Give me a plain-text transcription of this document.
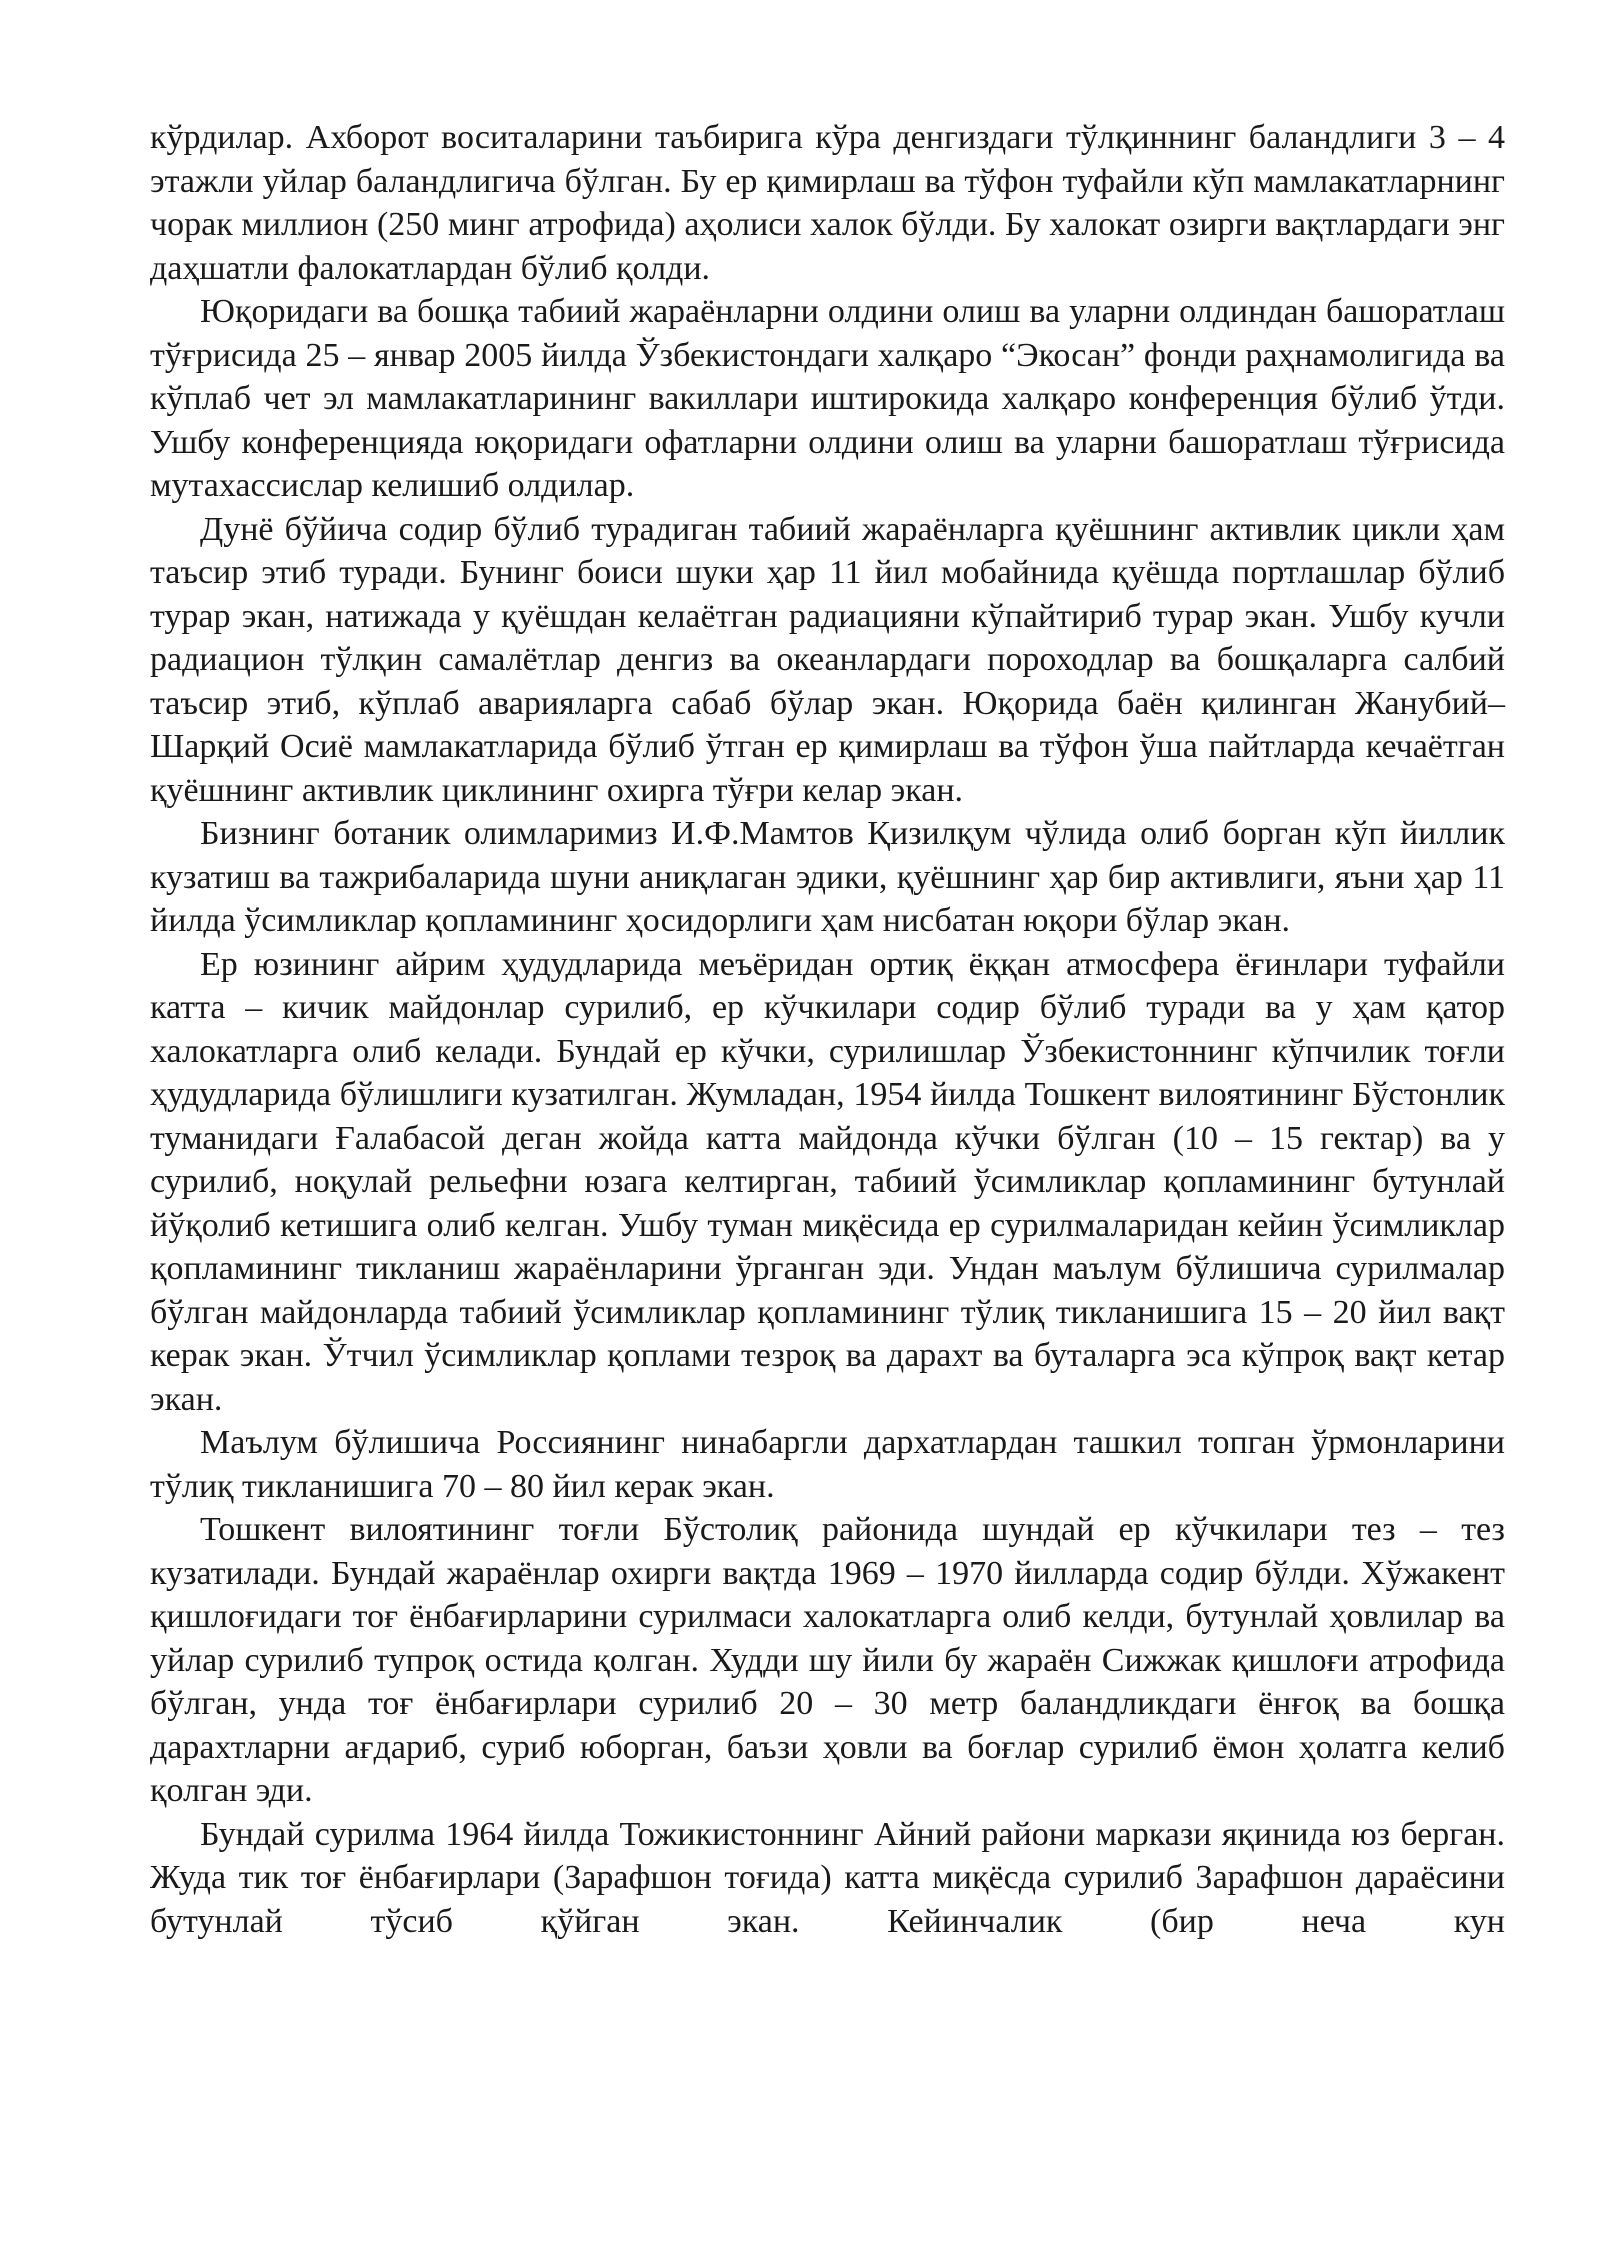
кўрдилар. Ахборот воситаларини таъбирига кўра денгиздаги тўлқиннинг баландлиги 3 – 4 этажли уйлар баландлигича бўлган. Бу ер қимирлаш ва тўфон туфайли кўп мамлакатларнинг чорак миллион (250 минг атрофида) аҳолиси халок бўлди. Бу халокат озирги вақтлардаги энг даҳшатли фалокатлардан бўлиб қолди.

Юқоридаги ва бошқа табиий жараёнларни олдини олиш ва уларни олдиндан башоратлаш тўғрисида 25 – январ 2005 йилда Ўзбекистондаги халқаро “Экосан” фонди раҳнамолигида ва кўплаб чет эл мамлакатларининг вакиллари иштирокида халқаро конференция бўлиб ўтди. Ушбу конференцияда юқоридаги офатларни олдини олиш ва уларни башоратлаш тўғрисида мутахассислар келишиб олдилар.

Дунё бўйича содир бўлиб турадиган табиий жараёнларга қуёшнинг активлик цикли ҳам таъсир этиб туради. Бунинг боиси шуки ҳар 11 йил мобайнида қуёшда портлашлар бўлиб турар экан, натижада у қуёшдан келаётган радиацияни кўпайтириб турар экан. Ушбу кучли радиацион тўлқин самалётлар денгиз ва океанлардаги пороходлар ва бошқаларга салбий таъсир этиб, кўплаб аварияларга сабаб бўлар экан. Юқорида баён қилинган Жанубий–Шарқий Осиё мамлакатларида бўлиб ўтган ер қимирлаш ва тўфон ўша пайтларда кечаётган қуёшнинг активлик циклининг охирга тўғри келар экан.

Бизнинг ботаник олимларимиз И.Ф.Мамтов Қизилқум чўлида олиб борган кўп йиллик кузатиш ва тажрибаларида шуни аниқлаган эдики, қуёшнинг ҳар бир активлиги, яъни ҳар 11 йилда ўсимликлар қопламининг ҳосидорлиги ҳам нисбатан юқори бўлар экан.

Ер юзининг айрим ҳудудларида меъёридан ортиқ ёққан атмосфера ёғинлари туфайли катта – кичик майдонлар сурилиб, ер кўчкилари содир бўлиб туради ва у ҳам қатор халокатларга олиб келади. Бундай ер кўчки, сурилишлар Ўзбекистоннинг кўпчилик тоғли ҳудудларида бўлишлиги кузатилган. Жумладан, 1954 йилда Тошкент вилоятининг Бўстонлик туманидаги Ғалабасой деган жойда катта майдонда кўчки бўлган (10 – 15 гектар) ва у сурилиб, ноқулай рельефни юзага келтирган, табиий ўсимликлар қопламининг бутунлай йўқолиб кетишига олиб келган. Ушбу туман миқёсида ер сурилмаларидан кейин ўсимликлар қопламининг тикланиш жараёнларини ўрганган эди. Ундан маълум бўлишича сурилмалар бўлган майдонларда табиий ўсимликлар қопламининг тўлиқ тикланишига 15 – 20 йил вақт керак экан. Ўтчил ўсимликлар қоплами тезроқ ва дарахт ва буталарга эса кўпроқ вақт кетар экан.

Маълум бўлишича Россиянинг нинабаргли дархатлардан ташкил топган ўрмонларини тўлиқ тикланишига 70 – 80 йил керак экан.

Тошкент вилоятининг тоғли Бўстолиқ районида шундай ер кўчкилари тез – тез кузатилади. Бундай жараёнлар охирги вақтда 1969 – 1970 йилларда содир бўлди. Хўжакент қишлоғидаги тоғ ёнбағирларини сурилмаси халокатларга олиб келди, бутунлай ҳовлилар ва уйлар сурилиб тупроқ остида қолган. Худди шу йили бу жараён Сижжак қишлоғи атрофида бўлган, унда тоғ ёнбағирлари сурилиб 20 – 30 метр баландликдаги ёнғоқ ва бошқа дарахтларни ағдариб, суриб юборган, баъзи ҳовли ва боғлар сурилиб ёмон ҳолатга келиб қолган эди.

Бундай сурилма 1964 йилда Тожикистоннинг Айний райони маркази яқинида юз берган. Жуда тик тоғ ёнбағирлари (Зарафшон тоғида) катта миқёсда сурилиб Зарафшон дараёсини бутунлай тўсиб қўйган экан. Кейинчалик (бир неча кун
